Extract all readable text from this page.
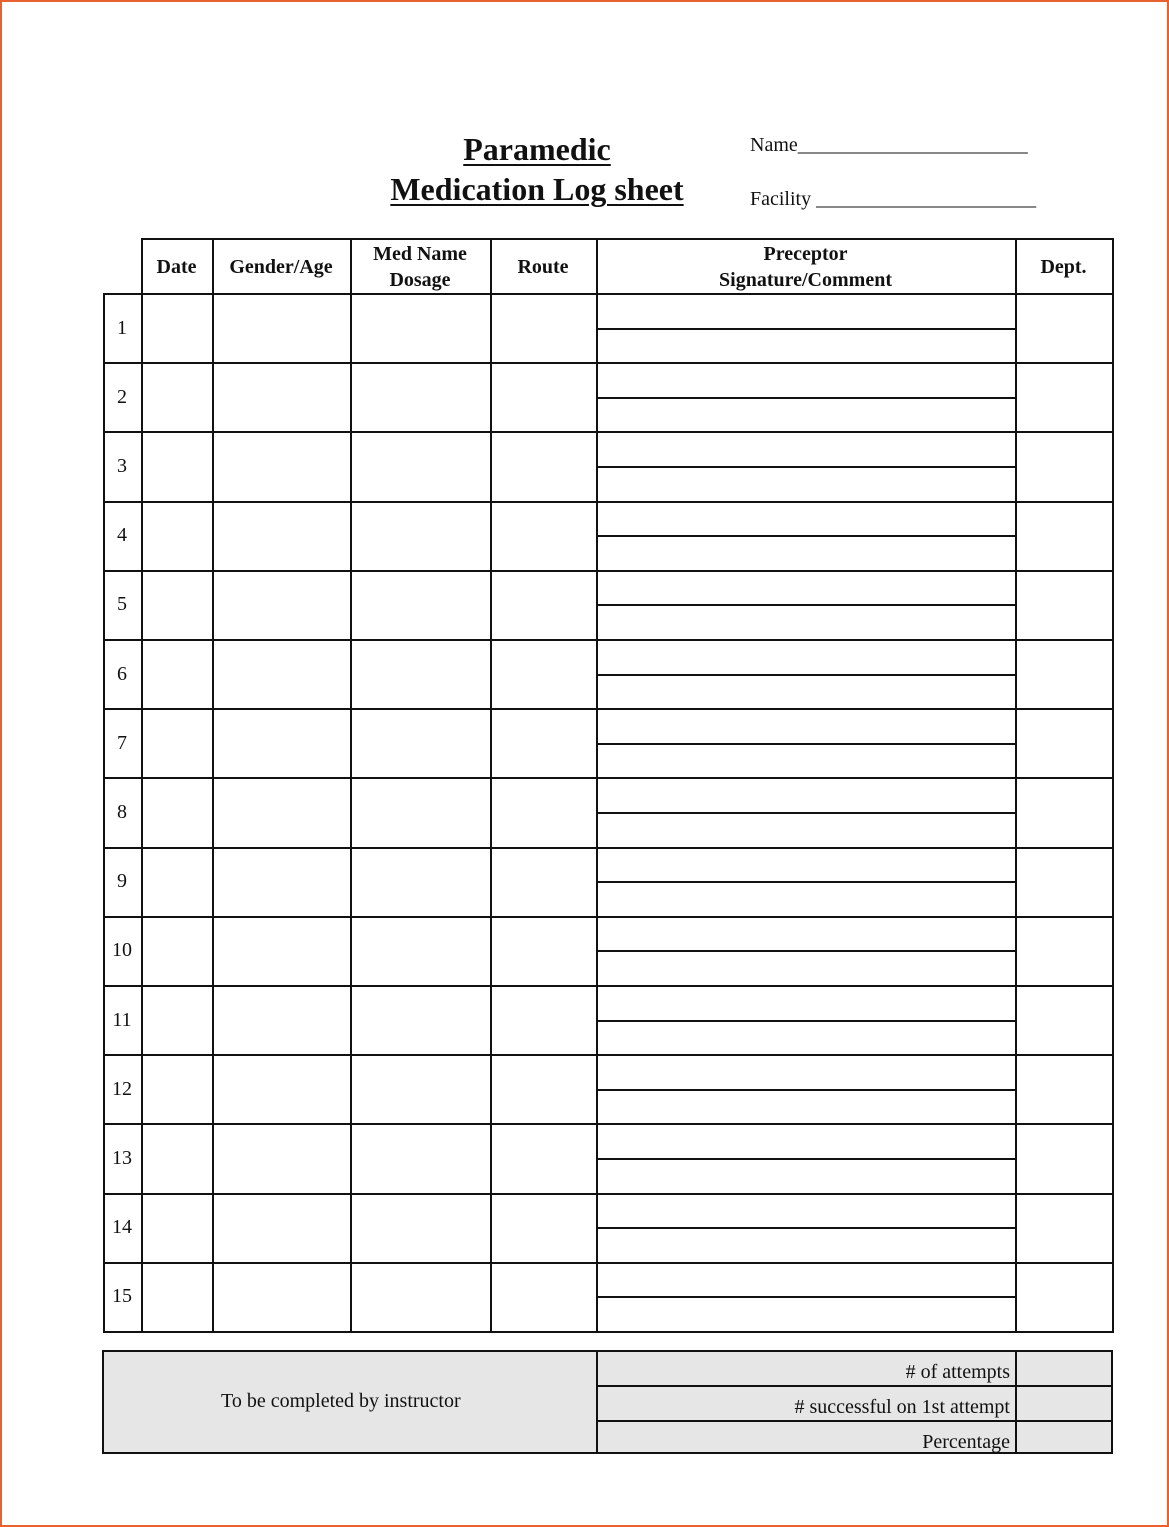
Paramedic
Medication Log sheet
Name_______________________
Facility ______________________
1
2
3
4
5
6
7
8
9
10
11
12
13
14
15
Date Gender/Age
Med Name
Dosage
Route
Preceptor
Signature/Comment
Dept.
To be completed by instructor
# of attempts
# successful on 1st attempt
Percentage
